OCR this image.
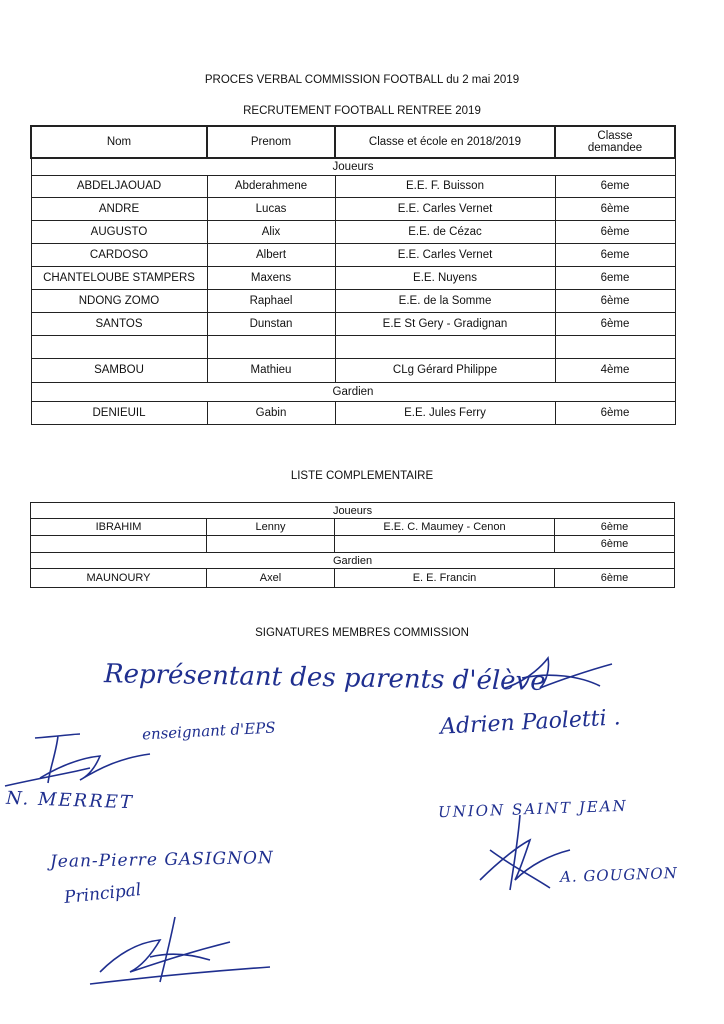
PROCES VERBAL COMMISSION FOOTBALL du 2 mai 2019
RECRUTEMENT FOOTBALL RENTREE 2019
Nom	Prenom	Classe et école en 2018/2019	Classe
demandee

Joueurs			
ABDELJAOUAD	Abderahmene	E.E. F. Buisson	6eme
ANDRE	Lucas	E.E. Carles Vernet	6ème
AUGUSTO	Alix	E.E. de Cézac	6ème
CARDOSO	Albert	E.E. Carles Vernet	6eme
CHANTELOUBE STAMPERS	Maxens	E.E. Nuyens	6eme
NDONG ZOMO	Raphael	E.E. de la Somme	6ème
SANTOS	Dunstan	E.E St Gery - Gradignan	6ème

SAMBOU	Mathieu	CLg Gérard Philippe	4ème
Gardien			
DENIEUIL	Gabin	E.E. Jules Ferry	6ème
LISTE COMPLEMENTAIRE
Joueurs			
IBRAHIM	Lenny	E.E. C. Maumey - Cenon	6ème
			6ème
Gardien			
MAUNOURY	Axel	E. E. Francin	6ème
SIGNATURES MEMBRES COMMISSION
Représentant des parents d'élève
Adrien Paoletti .
enseignant d'EPS
N. MERRET	UNION SAINT JEAN
A. GOUGNON
Jean-Pierre GASIGNON
Principal
